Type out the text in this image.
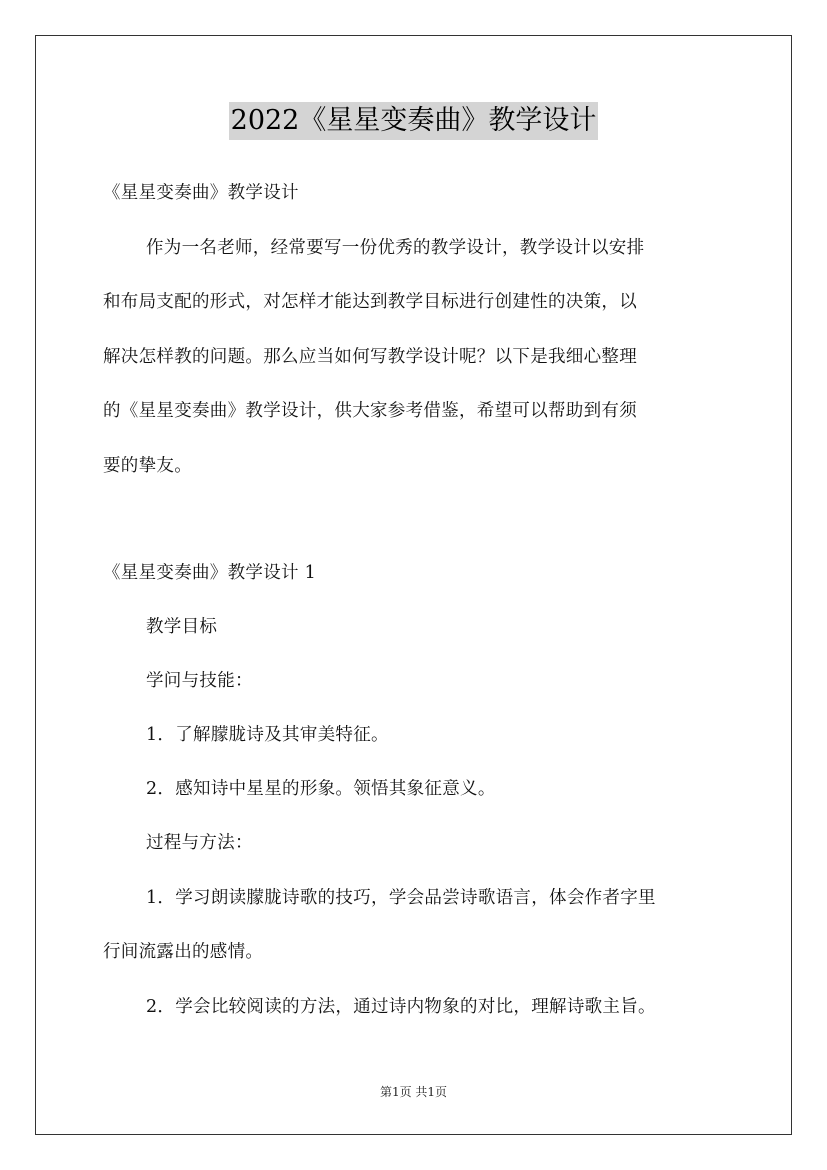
2022《星星变奏曲》教学设计
《星星变奏曲》教学设计
作为一名老师，经常要写一份优秀的教学设计，教学设计以安排
和布局支配的形式，对怎样才能达到教学目标进行创建性的决策，以
解决怎样教的问题。那么应当如何写教学设计呢？以下是我细心整理
的《星星变奏曲》教学设计，供大家参考借鉴，希望可以帮助到有须
要的挚友。
《星星变奏曲》教学设计 1
教学目标
学问与技能：
1．了解朦胧诗及其审美特征。
2．感知诗中星星的形象。领悟其象征意义。
过程与方法：
1．学习朗读朦胧诗歌的技巧，学会品尝诗歌语言，体会作者字里
行间流露出的感情。
2．学会比较阅读的方法，通过诗内物象的对比，理解诗歌主旨。
第1页 共1页
